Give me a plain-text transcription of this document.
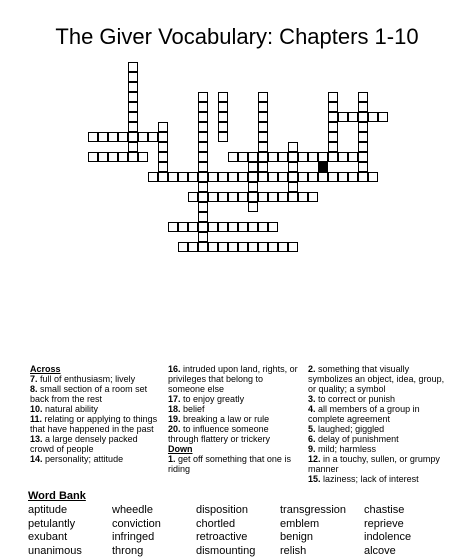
The Giver Vocabulary: Chapters 1-10
Across

7. full of enthusiasm; lively

8. small section of a room set back from the rest

10. natural ability

11. relating or applying to things that have happened in the past

13. a large densely packed crowd of people

14. personality; attitude

16. intruded upon land, rights, or privileges that belong to someone else

17. to enjoy greatly

18. belief

19. breaking a law or rule

20. to influence someone through flattery or trickery

Down

1. get off something that one is riding

2. something that visually symbolizes an object, idea, group, or quality; a symbol

3. to correct or punish

4. all members of a group in complete agreement

5. laughed; giggled

6. delay of punishment

9. mild; harmless

12. in a touchy, sullen, or grumpy manner

15. laziness; lack of interest

Word Bank
aptitude	wheedle	disposition	transgression	chastise
petulantly	conviction	chortled	emblem	reprieve
exubant	infringed	retroactive	benign	indolence
unanimous	throng	dismounting	relish	alcove
